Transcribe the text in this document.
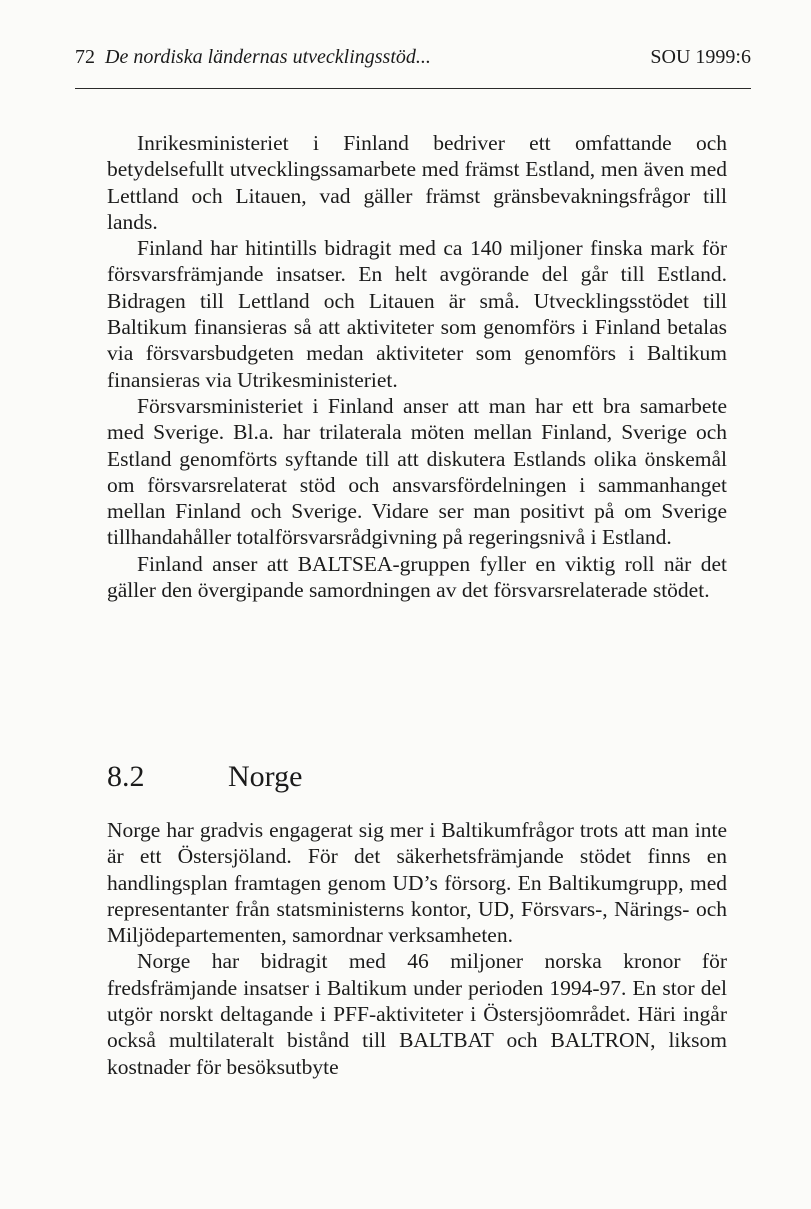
72 De nordiska ländernas utvecklingsstöd...	SOU 1999:6

Inrikesministeriet i Finland bedriver ett omfattande och betydelsefullt utvecklingssamarbete med främst Estland, men även med Lettland och Litauen, vad gäller främst gränsbevakningsfrågor till lands.

Finland har hitintills bidragit med ca 140 miljoner finska mark för försvarsfrämjande insatser. En helt avgörande del går till Estland. Bidragen till Lettland och Litauen är små. Utvecklingsstödet till Baltikum finansieras så att aktiviteter som genomförs i Finland betalas via försvarsbudgeten medan aktiviteter som genomförs i Baltikum finansieras via Utrikesministeriet.

Försvarsministeriet i Finland anser att man har ett bra samarbete med Sverige. Bl.a. har trilaterala möten mellan Finland, Sverige och Estland genomförts syftande till att diskutera Estlands olika önskemål om försvarsrelaterat stöd och ansvarsfördelningen i sammanhanget mellan Finland och Sverige. Vidare ser man positivt på om Sverige tillhandahåller totalförsvarsrådgivning på regeringsnivå i Estland.

Finland anser att BALTSEA-gruppen fyller en viktig roll när det gäller den övergipande samordningen av det försvarsrelaterade stödet.

8.2	Norge

Norge har gradvis engagerat sig mer i Baltikumfrågor trots att man inte är ett Östersjöland. För det säkerhetsfrämjande stödet finns en handlingsplan framtagen genom UD’s försorg. En Baltikumgrupp, med representanter från statsministerns kontor, UD, Försvars-, Närings- och Miljödepartementen, samordnar verksamheten.

Norge har bidragit med 46 miljoner norska kronor för fredsfrämjande insatser i Baltikum under perioden 1994-97. En stor del utgör norskt deltagande i PFF-aktiviteter i Östersjöområdet. Häri ingår också multilateralt bistånd till BALTBAT och BALTRON, liksom kostnader för besöksutbyte
